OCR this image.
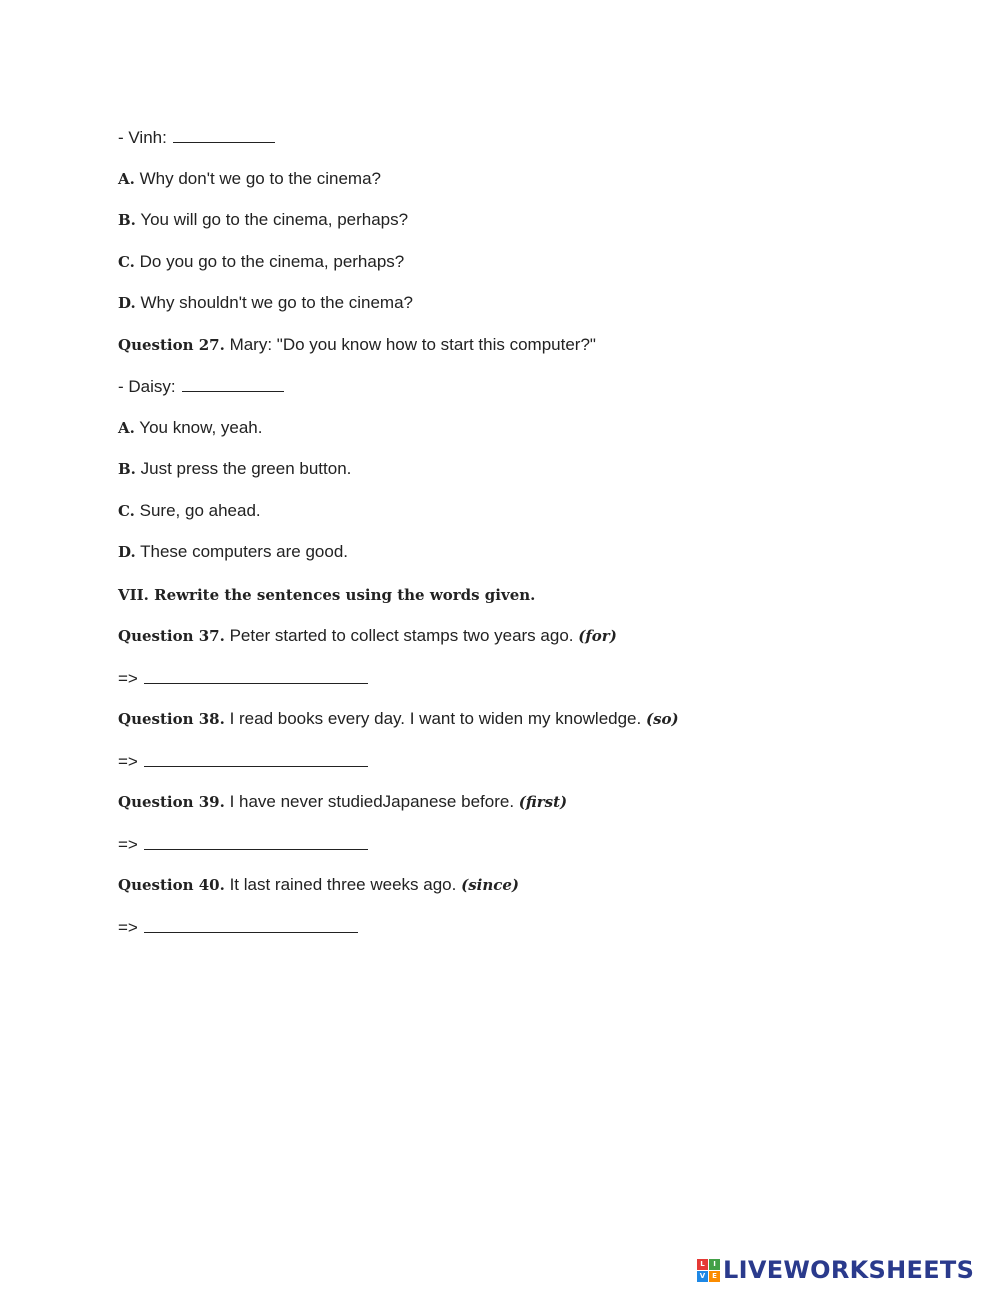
- Vinh:
A. Why don't we go to the cinema?
B. You will go to the cinema, perhaps?
C. Do you go to the cinema, perhaps?
D. Why shouldn't we go to the cinema?
Question 27. Mary: "Do you know how to start this computer?"
- Daisy:
A. You know, yeah.
B. Just press the green button.
C. Sure, go ahead.
D. These computers are good.
VII. Rewrite the sentences using the words given.
Question 37. Peter started to collect stamps two years ago. (for)
=>
Question 38. I read books every day. I want to widen my knowledge. (so)
=>
Question 39. I have never studiedJapanese before. (first)
=>
Question 40. It last rained three weeks ago. (since)
=>
L	I
V E LIVEWORKSHEETS
